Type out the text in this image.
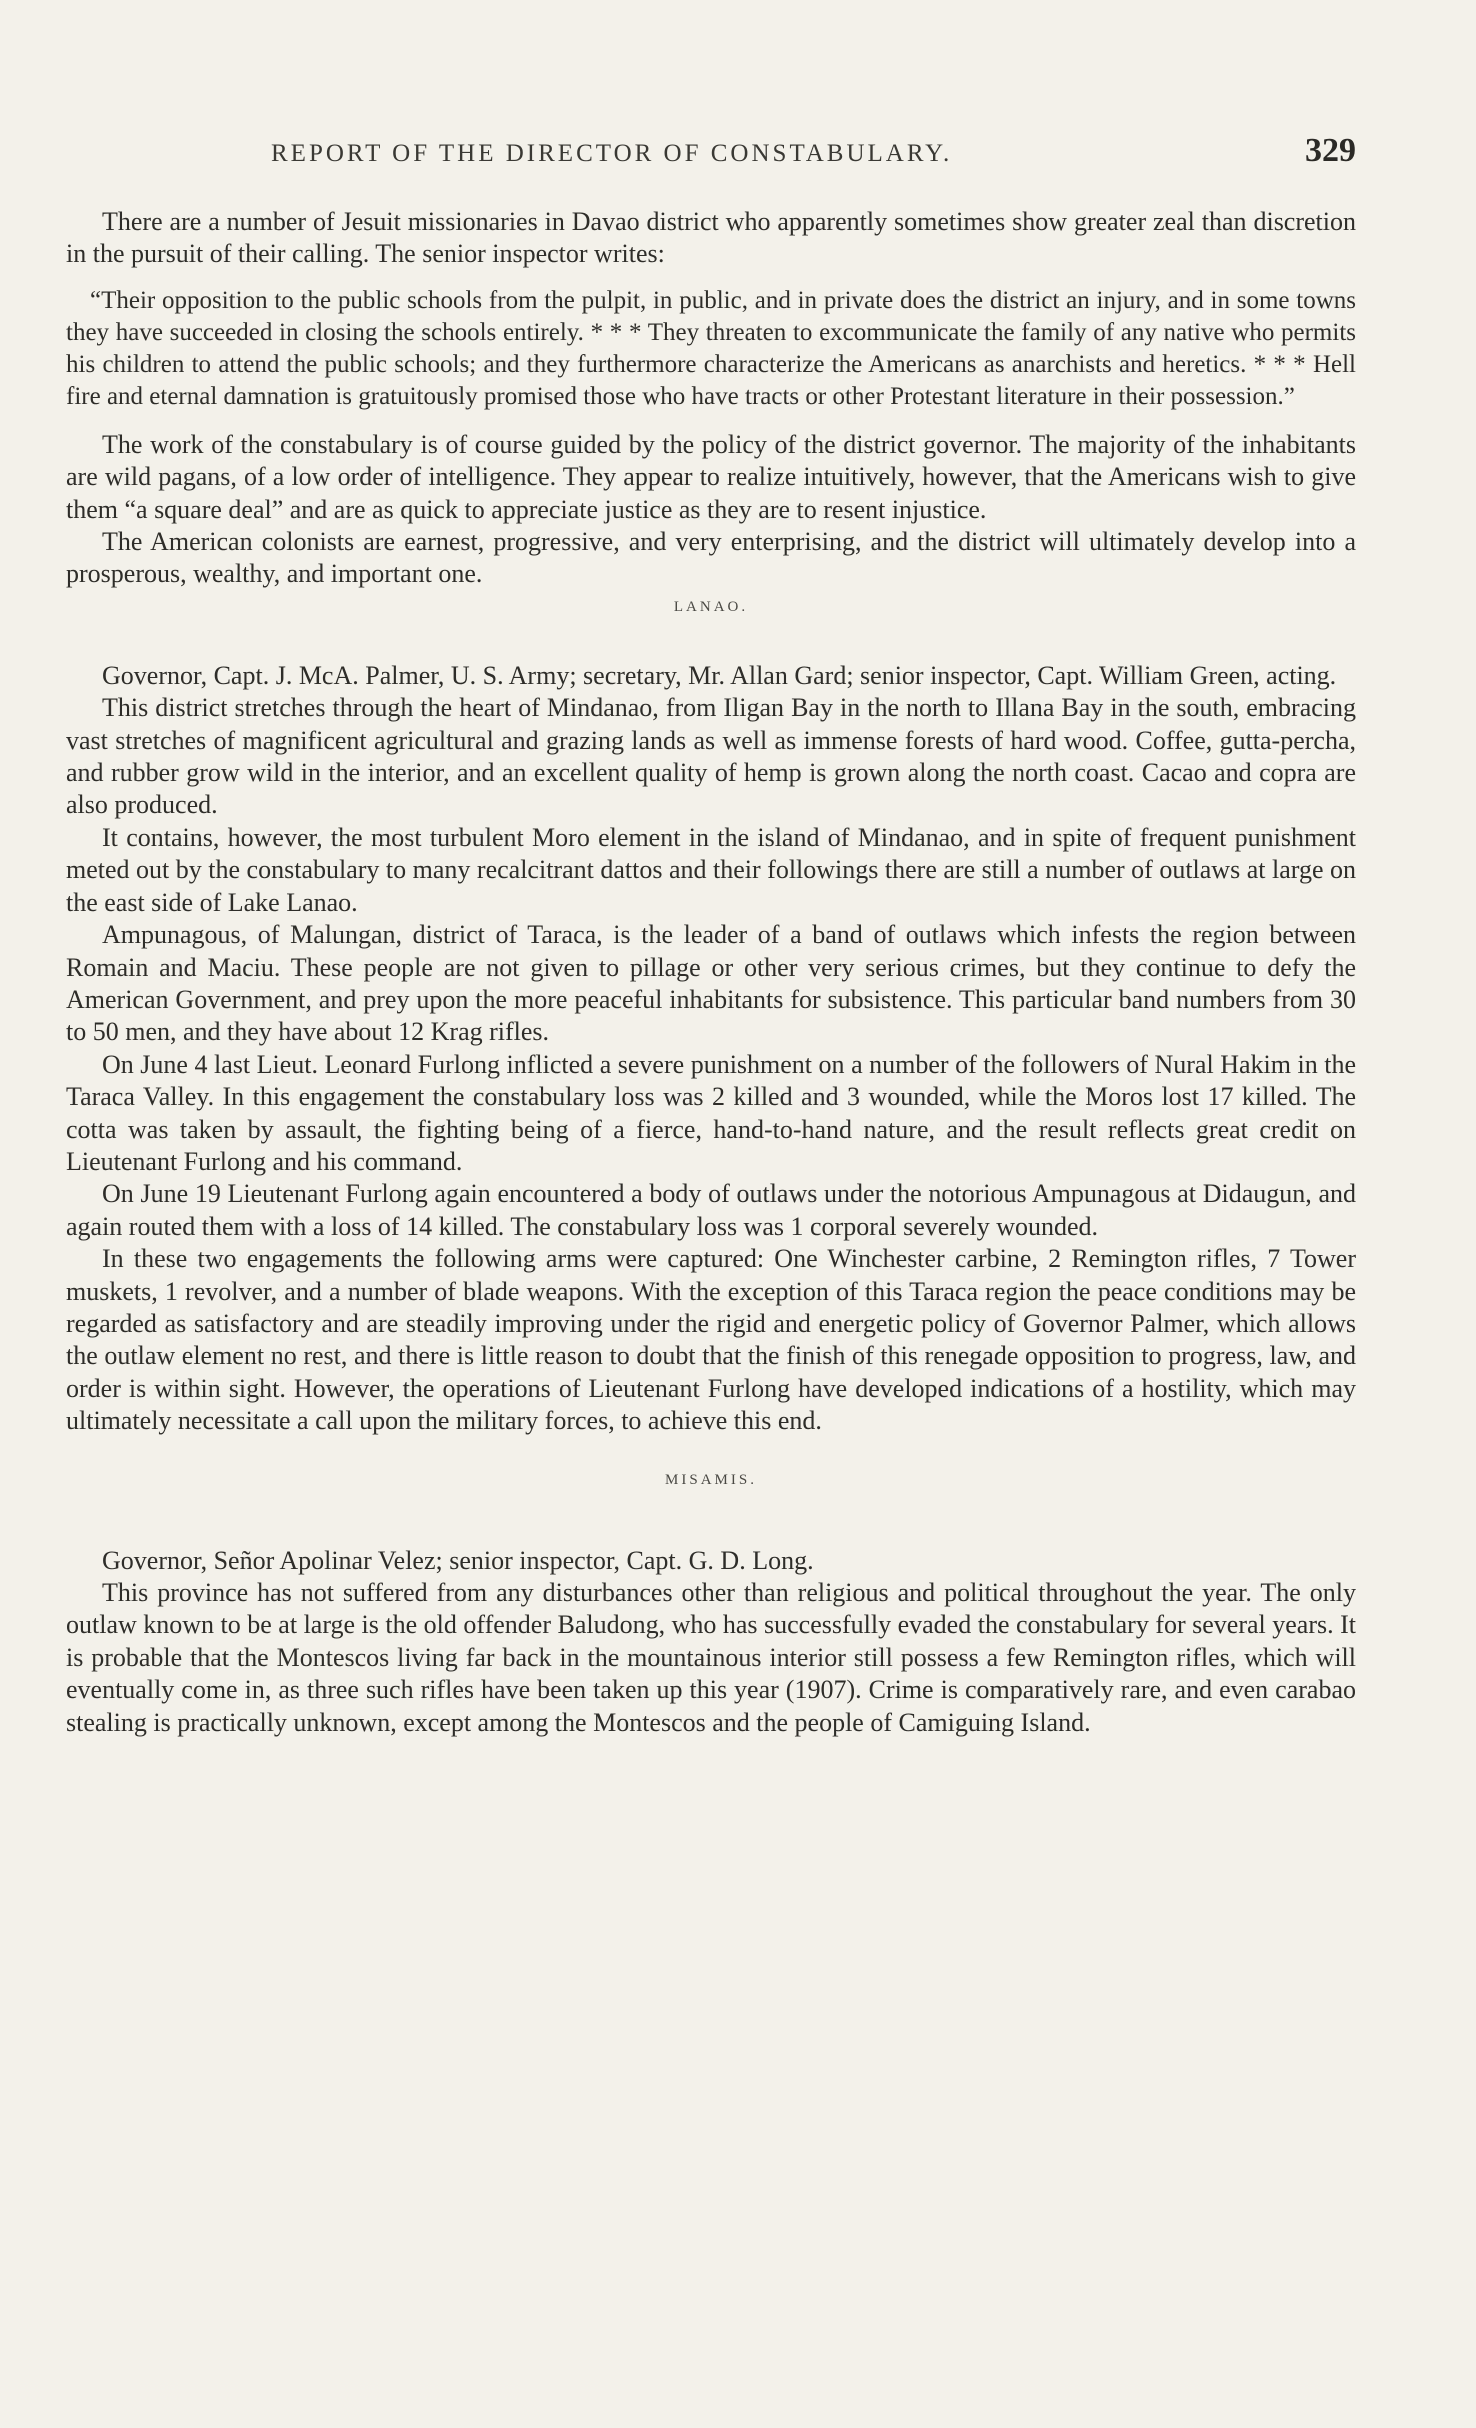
REPORT OF THE DIRECTOR OF CONSTABULARY.	329

There are a number of Jesuit missionaries in Davao district who apparently sometimes show greater zeal than discretion in the pursuit of their calling. The senior inspector writes:

“Their opposition to the public schools from the pulpit, in public, and in private does the district an injury, and in some towns they have succeeded in closing the schools entirely. * * * They threaten to excommunicate the family of any native who permits his children to attend the public schools; and they furthermore characterize the Americans as anarchists and heretics. * * * Hell fire and eternal damnation is gratuitously promised those who have tracts or other Protestant literature in their possession.”

The work of the constabulary is of course guided by the policy of the district governor. The majority of the inhabitants are wild pagans, of a low order of intelligence. They appear to realize intuitively, however, that the Americans wish to give them “a square deal” and are as quick to appreciate justice as they are to resent injustice.

The American colonists are earnest, progressive, and very enterprising, and the district will ultimately develop into a prosperous, wealthy, and important one.

LANAO.

Governor, Capt. J. McA. Palmer, U. S. Army; secretary, Mr. Allan Gard; senior inspector, Capt. William Green, acting.

This district stretches through the heart of Mindanao, from Iligan Bay in the north to Illana Bay in the south, embracing vast stretches of magnificent agricultural and grazing lands as well as immense forests of hard wood. Coffee, gutta-percha, and rubber grow wild in the interior, and an excellent quality of hemp is grown along the north coast. Cacao and copra are also produced.

It contains, however, the most turbulent Moro element in the island of Mindanao, and in spite of frequent punishment meted out by the constabulary to many recalcitrant dattos and their followings there are still a number of outlaws at large on the east side of Lake Lanao.

Ampunagous, of Malungan, district of Taraca, is the leader of a band of outlaws which infests the region between Romain and Maciu. These people are not given to pillage or other very serious crimes, but they continue to defy the American Government, and prey upon the more peaceful inhabitants for subsistence. This particular band numbers from 30 to 50 men, and they have about 12 Krag rifles.

On June 4 last Lieut. Leonard Furlong inflicted a severe punishment on a number of the followers of Nural Hakim in the Taraca Valley. In this engagement the constabulary loss was 2 killed and 3 wounded, while the Moros lost 17 killed. The cotta was taken by assault, the fighting being of a fierce, hand-to-hand nature, and the result reflects great credit on Lieutenant Furlong and his command.

On June 19 Lieutenant Furlong again encountered a body of outlaws under the notorious Ampunagous at Didaugun, and again routed them with a loss of 14 killed. The constabulary loss was 1 corporal severely wounded.

In these two engagements the following arms were captured: One Winchester carbine, 2 Remington rifles, 7 Tower muskets, 1 revolver, and a number of blade weapons. With the exception of this Taraca region the peace conditions may be regarded as satisfactory and are steadily improving under the rigid and energetic policy of Governor Palmer, which allows the outlaw element no rest, and there is little reason to doubt that the finish of this renegade opposition to progress, law, and order is within sight. However, the operations of Lieutenant Furlong have developed indications of a hostility, which may ultimately necessitate a call upon the military forces, to achieve this end.

MISAMIS.

Governor, Señor Apolinar Velez; senior inspector, Capt. G. D. Long.

This province has not suffered from any disturbances other than religious and political throughout the year. The only outlaw known to be at large is the old offender Baludong, who has successfully evaded the constabulary for several years. It is probable that the Montescos living far back in the mountainous interior still possess a few Remington rifles, which will eventually come in, as three such rifles have been taken up this year (1907). Crime is comparatively rare, and even carabao stealing is practically unknown, except among the Montescos and the people of Camiguing Island.
